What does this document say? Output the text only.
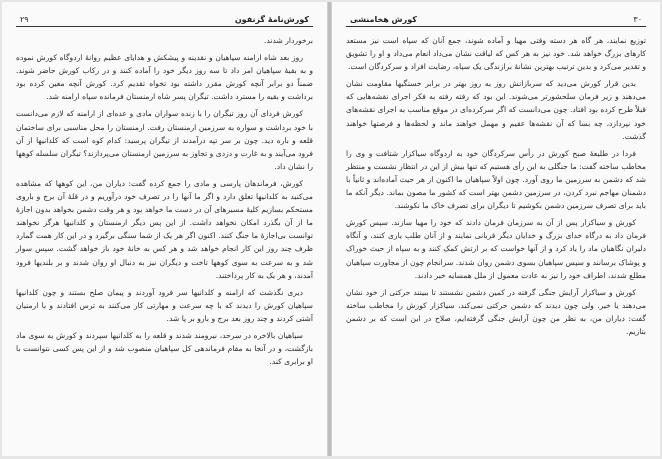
۲۹	کورش‌نامهٔ گزنفون

برخوردار شدند.

روز بعد شاه ارامنه سپاهیان و نقدینه و پیشکش و هدایای عظیم روانهٔ اردوگاه کورش نموده و به بقیهٔ سپاهیان امر داد تا سه روز دیگر خود را آماده کنند و در رکاب کورش حاضر شوند. ضمناً دو برابر آنچه کورش مقرر داشته بود تخواه تقدیم کرد. کورش آنچه معین کرده بود برداشت و بقیه را مسترد داشت. تیگران پسر شاه ارمنستان فرمانده سپاه ارامنه شد.

کورش فردای آن روز تیگران را با زنده سواران مادی و عده‌ای از ارامنه که لازم می‌دانست با خود برداشت و سواره به سرزمین ارمنستان رفت. ارمنستان را محل مناسبی برای ساختمان قلعه و باره دید. چون بر سر تپه درآمدند از تیگران پرسید: کدام کوه است که کلدانیها از آن فرود می‌آیند و به غارت و دزدی و تجاوز به سرزمین ارمنستان می‌پردازند؟ تیگران سلسله کوهها را نشان داد.

کورش، فرماندهان پارسی و مادی را جمع کرده گفت: دیاران من، این کوهها که مشاهده می‌کنید به کلدانیها تعلق دارد و اگر ما آنها را در تصرف خود درآوریم و در قلهٔ آن برج و باروی مستحکم بسازیم کلیهٔ مسیرهای آن در دست ما خواهد بود و هر وقت دشمن بخواهد بدون اجازهٔ ما از آن بگذرد امکان نخواهد داشت. از این پس دیگر ارمنستان و کلدانیها هرگز نخواهند توانست بی‌اجازهٔ ما جنگ کنند. اکنون اگر هر یک از شما سنگی برگیرد و در این کار همت گمارد ظرف چند روز این کار انجام خواهد شد و هر کس به خانهٔ خود باز خواهد گشت. سپس سوار شد و به سرعت به سوی کوهها تاخت و دیگران نیز به دنبال او روان شدند و بر بلندیها فرود آمدند، و هر یک به کار پرداختند.

دیری نگذشت که ارامنه و کلدانیها سر فرود آوردند و پیمان صلح بستند و چون کلدانیها سپاهیان کورش را دیدند که با چه سرعت و مهارتی کار می‌کنند به ترس افتادند و با ارمنیان آشتی کردند و چند روز بعد برج و بارو بر پا شد.

سپاهیان بالاخره در سرحد، نیرومند شدند و قلعه را به کلدانیها سپردند و کورش به سوی ماد بازگشت، و در آنجا به مقام فرماندهی کل سپاهیان منصوب شد و از این پس کسی نتوانست با او برابری کند.

۳۰
کورش هخامنشی

توزیع نمایند، هر گاه هر دسته وقتی مهیا و آماده شوند، جمع آنان که سپاه است نیز مستعد کارهای بزرگ خواهد شد. خود نیز به هر کس که لیاقت نشان می‌داد انعام می‌داد و او را تشویق و تقدیر می‌کرد و بدین ترتیب بهترین نشانهٔ برازندگی یک سپاه، رضایت افراد و سرکردگان است.

بدین قرار کورش می‌دید که سربازانش روز به روز بهتر در برابر خستگیها مقاومت نشان می‌دهند و زیر فرمان سلحشورتر می‌شوند. این بود که رفته رفته به فکر اجرای نقشه‌هایی که قبلاً طرح کرده بود افتاد. چون می‌دانست که اگر سرکرده‌ای در موقع مناسب به اجرای نقشه‌های خود نپردازد، چه بسا که آن نقشه‌ها عقیم و مهمل خواهند ماند و لحظه‌ها و فرصتها خواهند گذشت.

فردا در طلیعهٔ صبح کورش در رأس سرکردگان خود به اردوگاه سیاکزار شتافت و وی را مخاطب ساخته گفت: ما جنگلی به این رأی هستیم که تنها بیش از این در انتظار نشست و منتظر شد که دشمن به سرزمین ما روی آورد. چون اولاً سپاهیان ما اکنون از هر حیث آماده‌اند و ثانیاً با دشمنان مهاجم نبرد کردن، در سرزمین دشمن بهتر است که کشور ما مصون بماند. دیگر آنکه ما باید برای تصرف سرزمین دشمن بکوشیم تا دیگران برای تصرف خاک ما نکوشند.

کورش و سیاکزار پس از آن به سرزمان فرمان دادند که خود را مهیا سازند. سپس کورش فرمان داد به درگاه خدای بزرگ و خدایان دیگر قربانی نمایند و از آنان طلب یاری کنند، و آنگاه دلیران نگاهبان ماد را یاد کرد و از آنها خواست که بر ارتش کمک کنند و به سپاه از حیث خوراک و پوشاک برسانند و سپس سپاهیان بسوی دشمن روان شدند. سرانجام چون از مجاورت سپاهیان مطلع شدند، اطراف خود را نیز به عادت معمول از ملل همسایه خبر دادند.

کورش و سیاکزار آرایش جنگی گرفته در کمین دشمن نشستند تا ببینند حرکتی از خود نشان می‌دهند یا خیر. ولی چون دیدند که دشمن حرکتی نمی‌کند، سیاکزار کورش را مخاطب ساخته گفت: دیاران من، به نظر من چون آرایش جنگی گرفته‌ایم، صلاح در این است که بر دشمن بتازیم.
